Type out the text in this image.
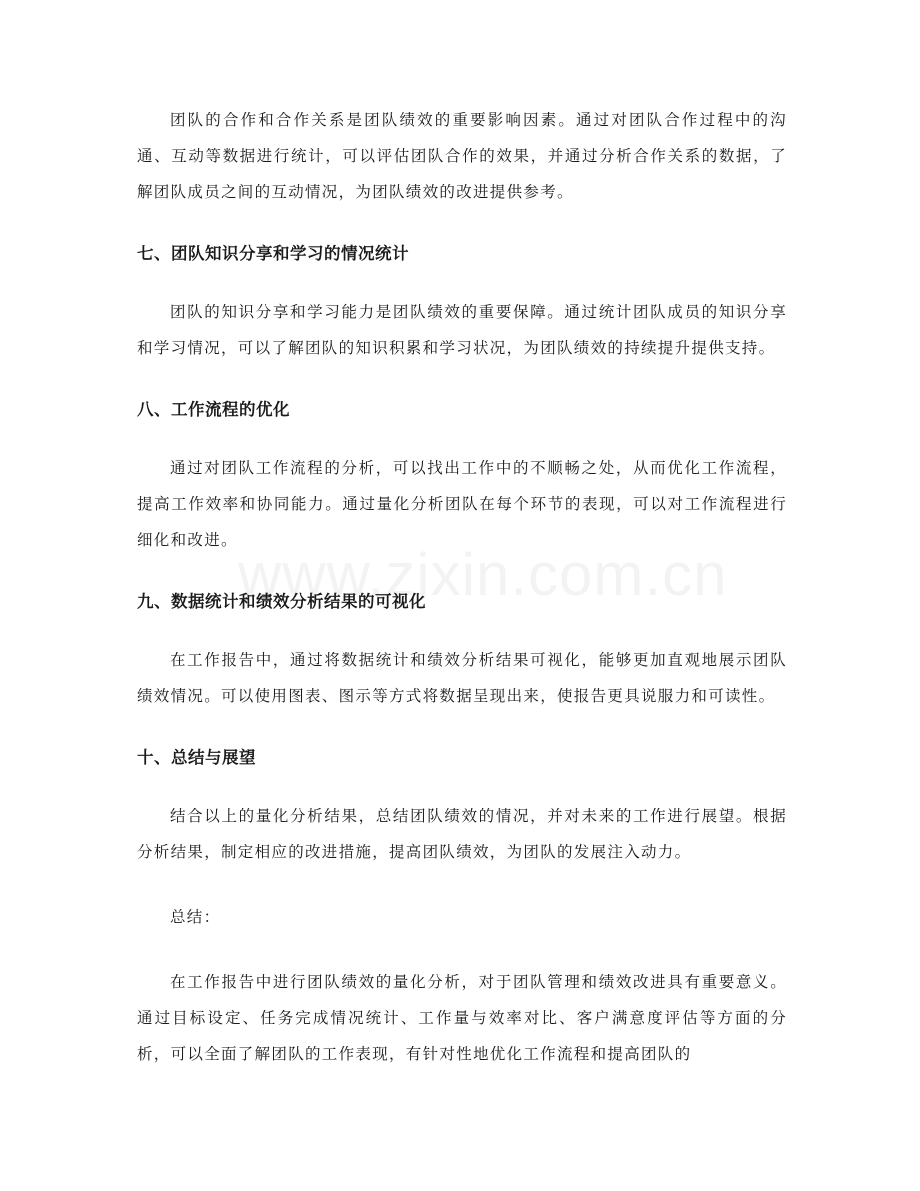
团队的合作和合作关系是团队绩效的重要影响因素。通过对团队合作过程中的沟通、互动等数据进行统计，可以评估团队合作的效果，并通过分析合作关系的数据，了解团队成员之间的互动情况，为团队绩效的改进提供参考。

七、团队知识分享和学习的情况统计

团队的知识分享和学习能力是团队绩效的重要保障。通过统计团队成员的知识分享和学习情况，可以了解团队的知识积累和学习状况，为团队绩效的持续提升提供支持。

八、工作流程的优化

通过对团队工作流程的分析，可以找出工作中的不顺畅之处，从而优化工作流程，提高工作效率和协同能力。通过量化分析团队在每个环节的表现，可以对工作流程进行细化和改进。

九、数据统计和绩效分析结果的可视化

在工作报告中，通过将数据统计和绩效分析结果可视化，能够更加直观地展示团队绩效情况。可以使用图表、图示等方式将数据呈现出来，使报告更具说服力和可读性。

十、总结与展望

结合以上的量化分析结果，总结团队绩效的情况，并对未来的工作进行展望。根据分析结果，制定相应的改进措施，提高团队绩效，为团队的发展注入动力。

总结：

在工作报告中进行团队绩效的量化分析，对于团队管理和绩效改进具有重要意义。通过目标设定、任务完成情况统计、工作量与效率对比、客户满意度评估等方面的分析，可以全面了解团队的工作表现，有针对性地优化工作流程和提高团队的
